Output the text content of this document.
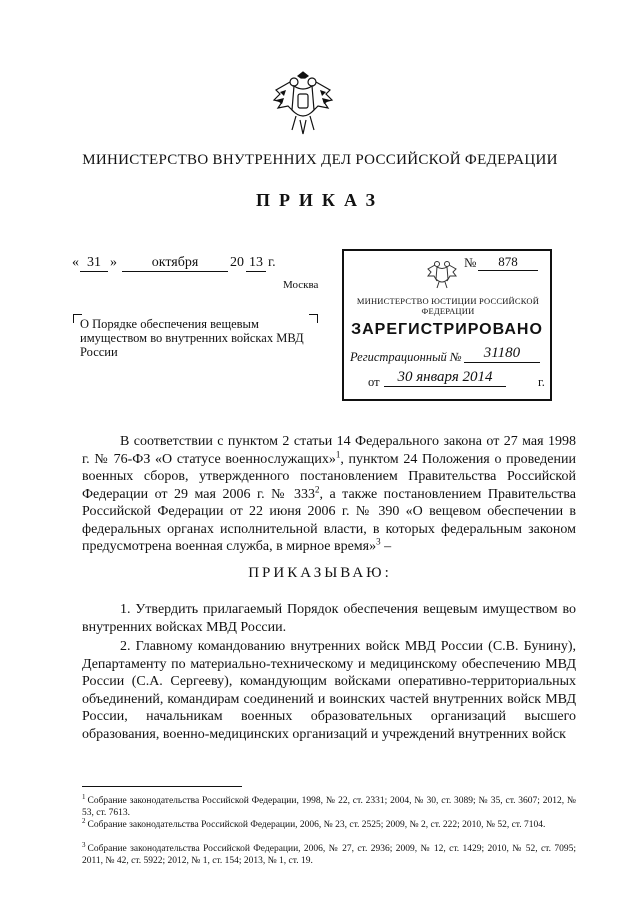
МИНИСТЕРСТВО ВНУТРЕННИХ ДЕЛ РОССИЙСКОЙ ФЕДЕРАЦИИ
ПРИКАЗ
« 31 »	октября	20 13 г.
Москва
О Порядке обеспечения вещевым имуществом во внутренних войсках МВД России
№	878
МИНИСТЕРСТВО ЮСТИЦИИ РОССИЙСКОЙ ФЕДЕРАЦИИ
ЗАРЕГИСТРИРОВАНО
Регистрационный №	31180
от	30 января 2014	г.
В соответствии с пунктом 2 статьи 14 Федерального закона от 27 мая 1998 г. № 76-ФЗ «О статусе военнослужащих»$^1$, пунктом 24 Положения о проведении военных сборов, утвержденного постановлением Правительства Российской Федерации от 29 мая 2006 г. № $333^2$, а также постановлением Правительства Российской Федерации от 22 июня 2006 г. № 390 «О вещевом обеспечении в федеральных органах исполнительной власти, в которых федеральным законом предусмотрена военная служба, в мирное время»$^3$ –
ПРИКАЗЫВАЮ:
1. Утвердить прилагаемый Порядок обеспечения вещевым имуществом во внутренних войсках МВД России.
2. Главному командованию внутренних войск МВД России (С.В. Бунину), Департаменту по материально-техническому и медицинскому обеспечению МВД России (С.А. Сергееву), командующим войсками оперативно-территориальных объединений, командирам соединений и воинских частей внутренних войск МВД России, начальникам военных образовательных организаций высшего образования, военно-медицинских организаций и учреждений внутренних войск
$^1$ Собрание законодательства Российской Федерации, 1998, № 22, ст. 2331; 2004, № 30, ст. 3089; № 35, ст. 3607; 2012, № 53, ст. 7613.
$^2$ Собрание законодательства Российской Федерации, 2006, № 23, ст. 2525; 2009, № 2, ст. 222; 2010, № 52, ст. 7104.
$^3$ Собрание законодательства Российской Федерации, 2006, № 27, ст. 2936; 2009, № 12, ст. 1429; 2010, № 52, ст. 7095; 2011, № 42, ст. 5922; 2012, № 1, ст. 154; 2013, № 1, ст. 19.
